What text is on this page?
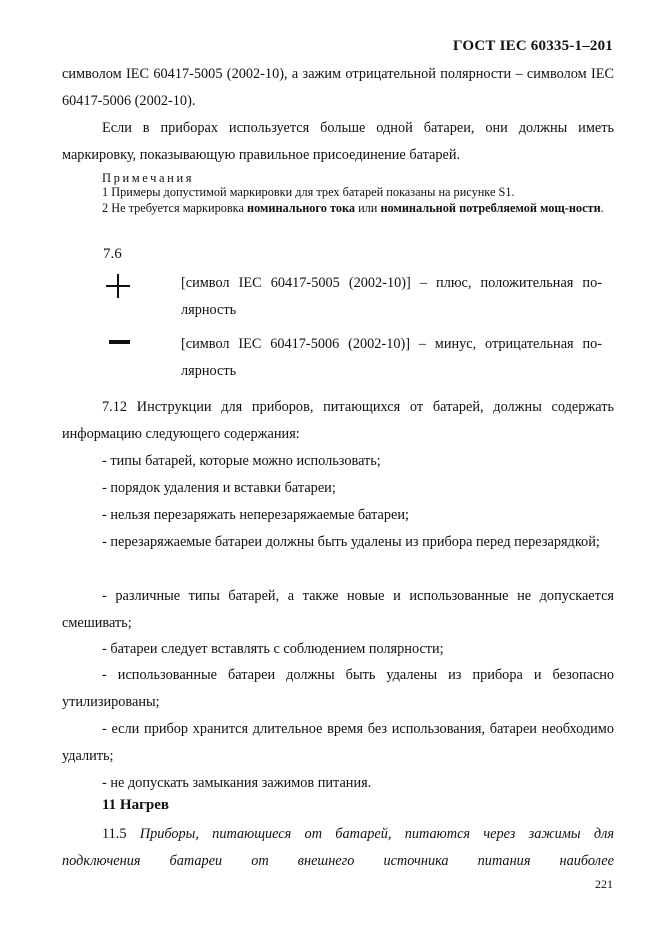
ГОСТ IEC 60335-1–201
символом IEC 60417-5005 (2002-10), а зажим отрицательной полярности – символом IEC 60417-5006 (2002-10).
Если в приборах используется больше одной батареи, они должны иметь маркировку, показывающую правильное присоединение батарей.
Примечания
1 Примеры допустимой маркировки для трех батарей показаны на рисунке S1.
2 Не требуется маркировка номинального тока или номинальной потребляемой мощ-ности.
7.6
[символ IEC 60417-5005 (2002-10)] – плюс, положительная по-лярность
[символ IEC 60417-5006 (2002-10)] – минус, отрицательная по-лярность
7.12 Инструкции для приборов, питающихся от батарей, должны содержать информацию следующего содержания:
- типы батарей, которые можно использовать;
- порядок удаления и вставки батареи;
- нельзя перезаряжать неперезаряжаемые батареи;
- перезаряжаемые батареи должны быть удалены из прибора перед перезарядкой;
- различные типы батарей, а также новые и использованные не допускается смешивать;
- батареи следует вставлять с соблюдением полярности;
- использованные батареи должны быть удалены из прибора и безопасно утилизированы;
- если прибор хранится длительное время без использования, батареи необходимо удалить;
- не допускать замыкания зажимов питания.
11 Нагрев
11.5 Приборы, питающиеся от батарей, питаются через зажимы для подключения батареи от внешнего источника питания наиболее
221
